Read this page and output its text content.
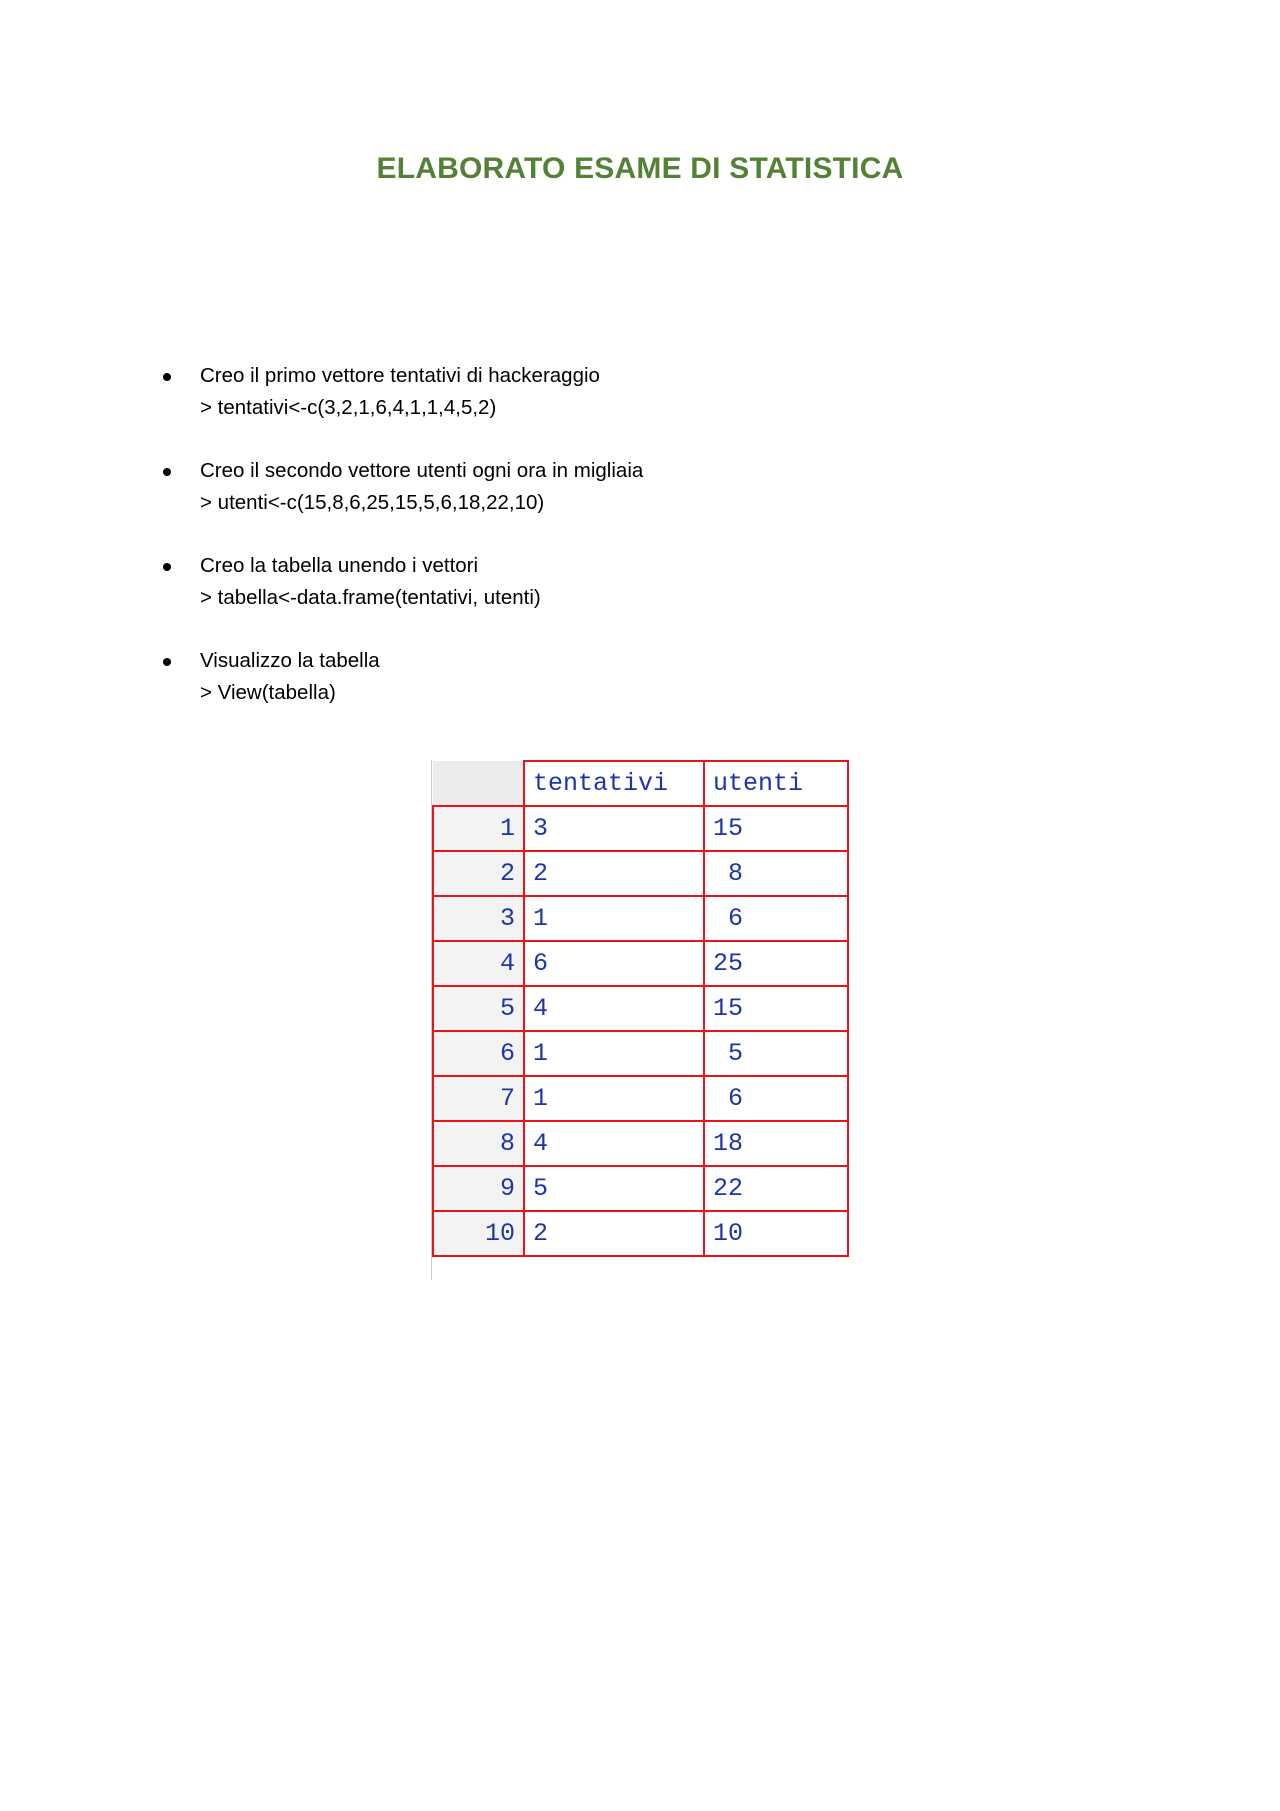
ELABORATO ESAME DI STATISTICA
Creo il primo vettore tentativi di hackeraggio
> tentativi<-c(3,2,1,6,4,1,1,4,5,2)
Creo il secondo vettore utenti ogni ora in migliaia
> utenti<-c(15,8,6,25,15,5,6,18,22,10)
Creo la tabella unendo i vettori
> tabella<-data.frame(tentativi, utenti)
Visualizzo la tabella
> View(tabella)
	tentativi	utenti
1	3	15
2	2	8
3	1	6
4	6	25
5	4	15
6	1	5
7	1	6
8	4	18
9	5	22
10	2	10
